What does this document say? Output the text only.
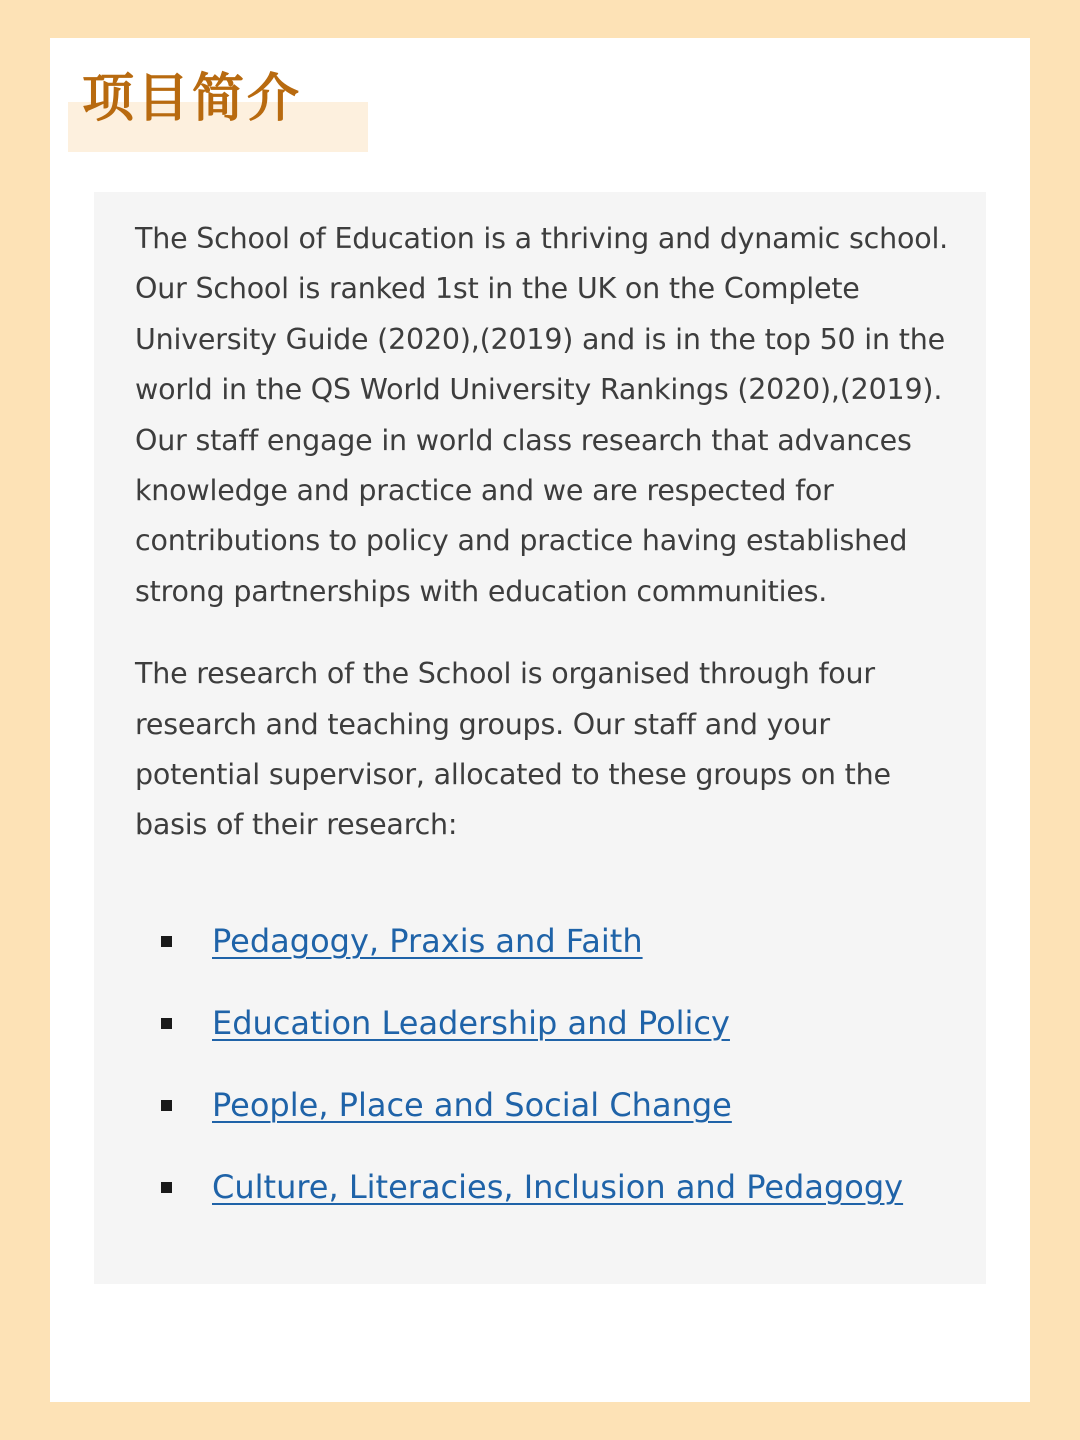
项目简介

The School of Education is a thriving and dynamic school. Our School is ranked 1st in the UK on the Complete University Guide (2020),(2019) and is in the top 50 in the world in the QS World University Rankings (2020),(2019). Our staff engage in world class research that advances knowledge and practice and we are respected for contributions to policy and practice having established strong partnerships with education communities.

The research of the School is organised through four research and teaching groups. Our staff and your potential supervisor, allocated to these groups on the basis of their research:

Pedagogy, Praxis and Faith
Education Leadership and Policy
People, Place and Social Change
Culture, Literacies, Inclusion and Pedagogy
